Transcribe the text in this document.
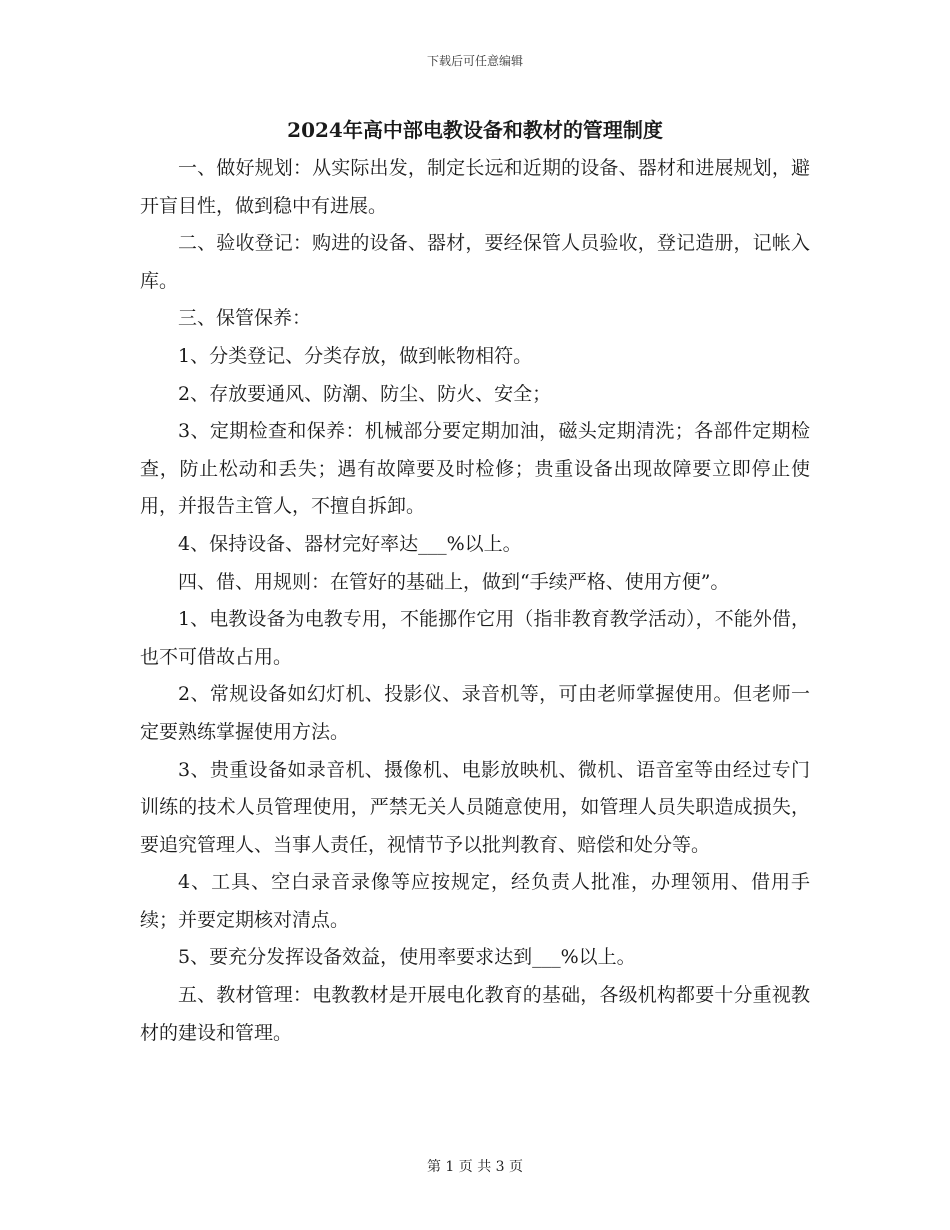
下载后可任意编辑
2024年高中部电教设备和教材的管理制度

一、做好规划：从实际出发，制定长远和近期的设备、器材和进展规划，避开盲目性，做到稳中有进展。

二、验收登记：购进的设备、器材，要经保管人员验收，登记造册，记帐入库。

三、保管保养：

1、分类登记、分类存放，做到帐物相符。

2、存放要通风、防潮、防尘、防火、安全；

3、定期检查和保养：机械部分要定期加油，磁头定期清洗；各部件定期检查，防止松动和丢失；遇有故障要及时检修；贵重设备出现故障要立即停止使用，并报告主管人，不擅自拆卸。

4、保持设备、器材完好率达___%以上。

四、借、用规则：在管好的基础上，做到“手续严格、使用方便”。

1、电教设备为电教专用，不能挪作它用（指非教育教学活动），不能外借，也不可借故占用。

2、常规设备如幻灯机、投影仪、录音机等，可由老师掌握使用。但老师一定要熟练掌握使用方法。

3、贵重设备如录音机、摄像机、电影放映机、微机、语音室等由经过专门训练的技术人员管理使用，严禁无关人员随意使用，如管理人员失职造成损失，要追究管理人、当事人责任，视情节予以批判教育、赔偿和处分等。

4、工具、空白录音录像等应按规定，经负责人批准，办理领用、借用手续；并要定期核对清点。

5、要充分发挥设备效益，使用率要求达到___%以上。

五、教材管理：电教教材是开展电化教育的基础，各级机构都要十分重视教材的建设和管理。

第 1 页 共 3 页
